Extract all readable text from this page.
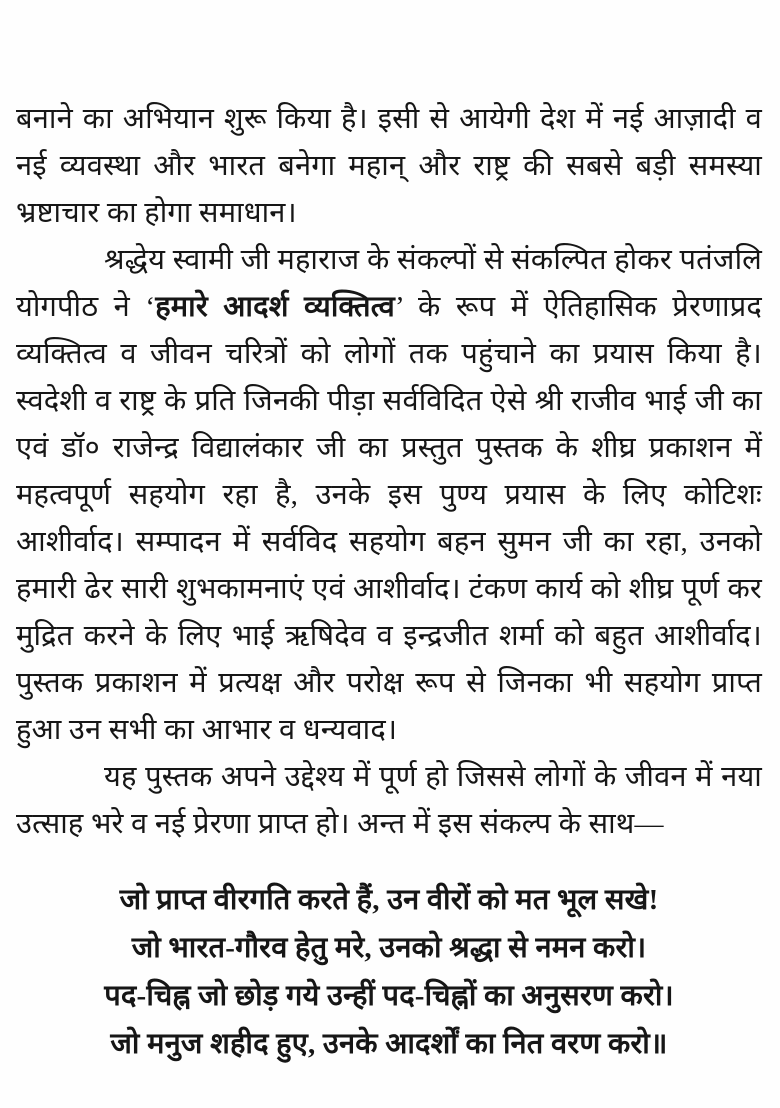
बनाने का अभियान शुरू किया है। इसी से आयेगी देश में नई आज़ादी व नई व्यवस्था और भारत बनेगा महान् और राष्ट्र की सबसे बड़ी समस्या भ्रष्टाचार का होगा समाधान।

श्रद्धेय स्वामी जी महाराज के संकल्पों से संकल्पित होकर पतंजलि योगपीठ ने ‘हमारे आदर्श व्यक्तित्व’ के रूप में ऐतिहासिक प्रेरणाप्रद व्यक्तित्व व जीवन चरित्रों को लोगों तक पहुंचाने का प्रयास किया है। स्वदेशी व राष्ट्र के प्रति जिनकी पीड़ा सर्वविदित ऐसे श्री राजीव भाई जी का एवं डॉ० राजेन्द्र विद्यालंकार जी का प्रस्तुत पुस्तक के शीघ्र प्रकाशन में महत्वपूर्ण सहयोग रहा है, उनके इस पुण्य प्रयास के लिए कोटिशः आशीर्वाद। सम्पादन में सर्वविद सहयोग बहन सुमन जी का रहा, उनको हमारी ढेर सारी शुभकामनाएं एवं आशीर्वाद। टंकण कार्य को शीघ्र पूर्ण कर मुद्रित करने के लिए भाई ऋषिदेव व इन्द्रजीत शर्मा को बहुत आशीर्वाद। पुस्तक प्रकाशन में प्रत्यक्ष और परोक्ष रूप से जिनका भी सहयोग प्राप्त हुआ उन सभी का आभार व धन्यवाद।

यह पुस्तक अपने उद्देश्य में पूर्ण हो जिससे लोगों के जीवन में नया उत्साह भरे व नई प्रेरणा प्राप्त हो। अन्त में इस संकल्प के साथ—

जो प्राप्त वीरगति करते हैं, उन वीरों को मत भूल सखे!
जो भारत-गौरव हेतु मरे, उनको श्रद्धा से नमन करो।
पद-चिह्न जो छोड़ गये उन्हीं पद-चिह्नों का अनुसरण करो।
जो मनुज शहीद हुए, उनके आदर्शों का नित वरण करो॥
